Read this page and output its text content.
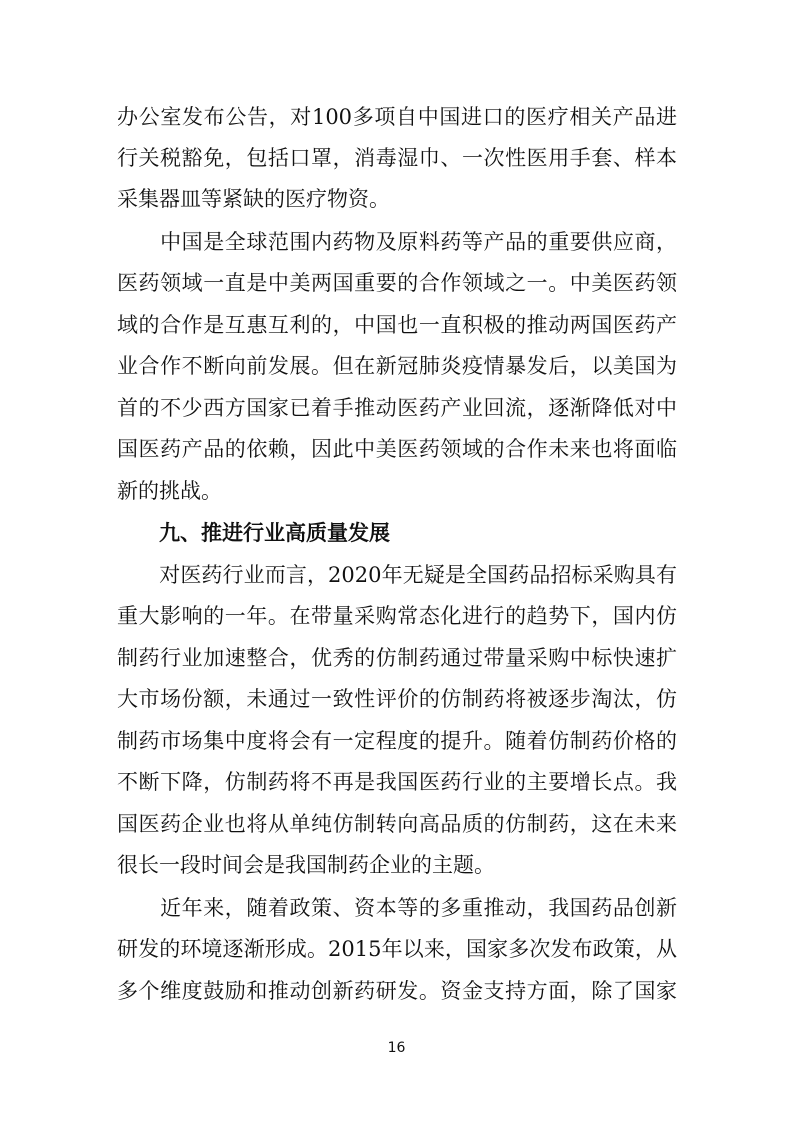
办公室发布公告，对100多项自中国进口的医疗相关产品进
行关税豁免，包括口罩，消毒湿巾、一次性医用手套、样本
采集器皿等紧缺的医疗物资。
　　中国是全球范围内药物及原料药等产品的重要供应商，
医药领域一直是中美两国重要的合作领域之一。中美医药领
域的合作是互惠互利的，中国也一直积极的推动两国医药产
业合作不断向前发展。但在新冠肺炎疫情暴发后，以美国为
首的不少西方国家已着手推动医药产业回流，逐渐降低对中
国医药产品的依赖，因此中美医药领域的合作未来也将面临
新的挑战。
　　九、推进行业高质量发展
　　对医药行业而言，2020年无疑是全国药品招标采购具有
重大影响的一年。在带量采购常态化进行的趋势下，国内仿
制药行业加速整合，优秀的仿制药通过带量采购中标快速扩
大市场份额，未通过一致性评价的仿制药将被逐步淘汰，仿
制药市场集中度将会有一定程度的提升。随着仿制药价格的
不断下降，仿制药将不再是我国医药行业的主要增长点。我
国医药企业也将从单纯仿制转向高品质的仿制药，这在未来
很长一段时间会是我国制药企业的主题。
　　近年来，随着政策、资本等的多重推动，我国药品创新
研发的环境逐渐形成。2015年以来，国家多次发布政策，从
多个维度鼓励和推动创新药研发。资金支持方面，除了国家
16
